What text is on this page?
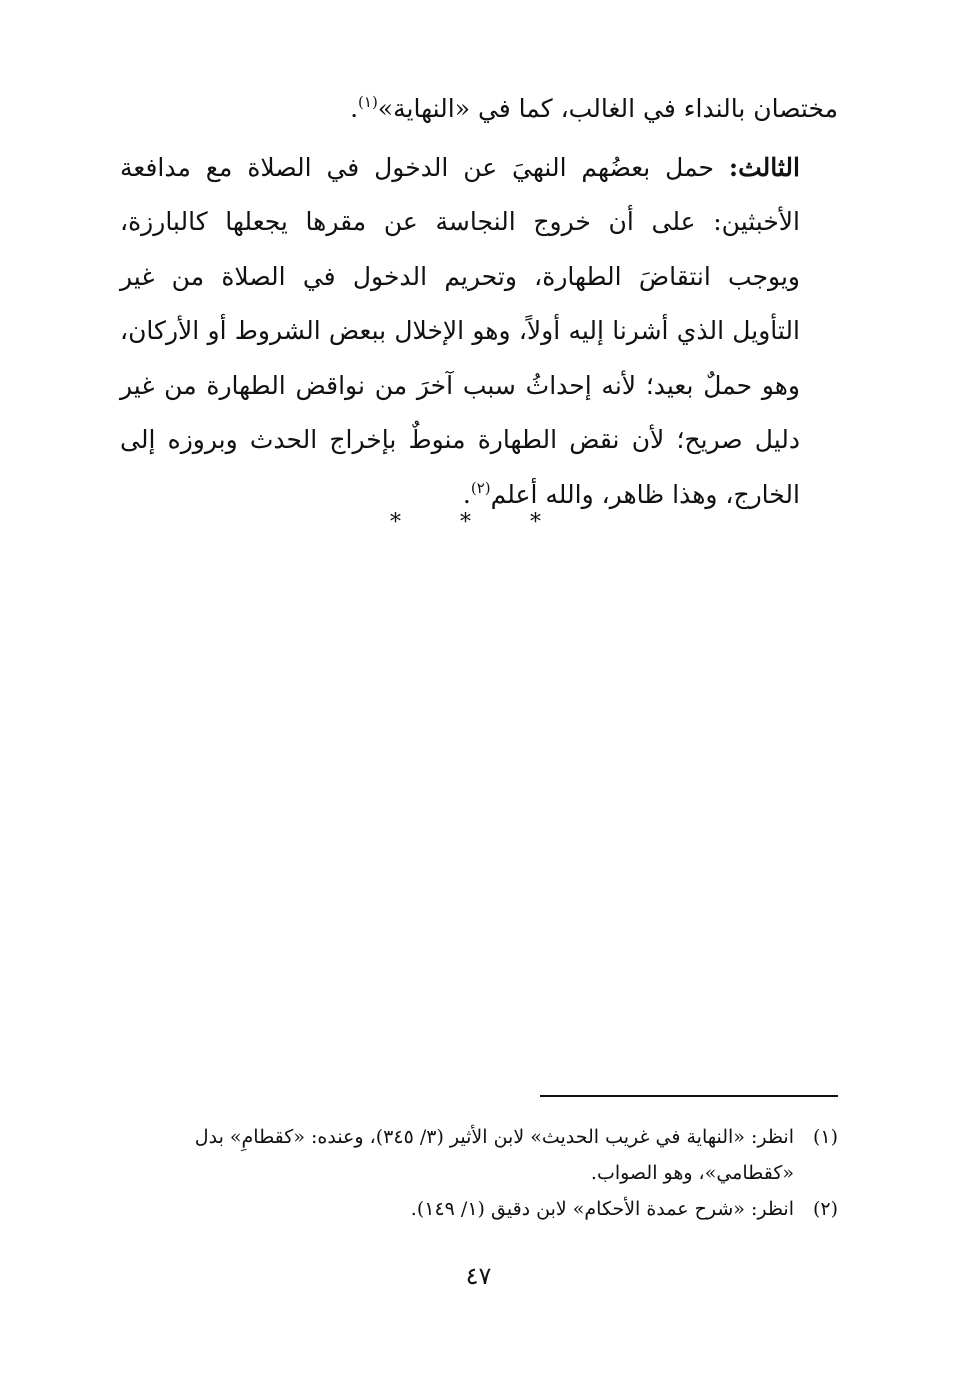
مختصان بالنداء في الغالب، كما في «النهاية»$^{(١)}$.

الثالث: حمل بعضُهم النهيَ عن الدخول في الصلاة مع مدافعة الأخبثين: على أن خروج النجاسة عن مقرها يجعلها كالبارزة، ويوجب انتقاضَ الطهارة، وتحريم الدخول في الصلاة من غير التأويل الذي أشرنا إليه أولاً، وهو الإخلال ببعض الشروط أو الأركان، وهو حملٌ بعيد؛ لأنه إحداثُ سبب آخرَ من نواقض الطهارة من غير دليل صريح؛ لأن نقض الطهارة منوطٌ بإخراج الحدث وبروزه إلى الخارج، وهذا ظاهر، والله أعلم$^{(٢)}$.

* * *

(١)انظر: «النهاية في غريب الحديث» لابن الأثير (٣/ ٣٤٥)، وعنده: «كقطامِ» بدل

«كقطامي»، وهو الصواب.

(٢)انظر: «شرح عمدة الأحكام» لابن دقيق (١/ ١٤٩).

٤٧
